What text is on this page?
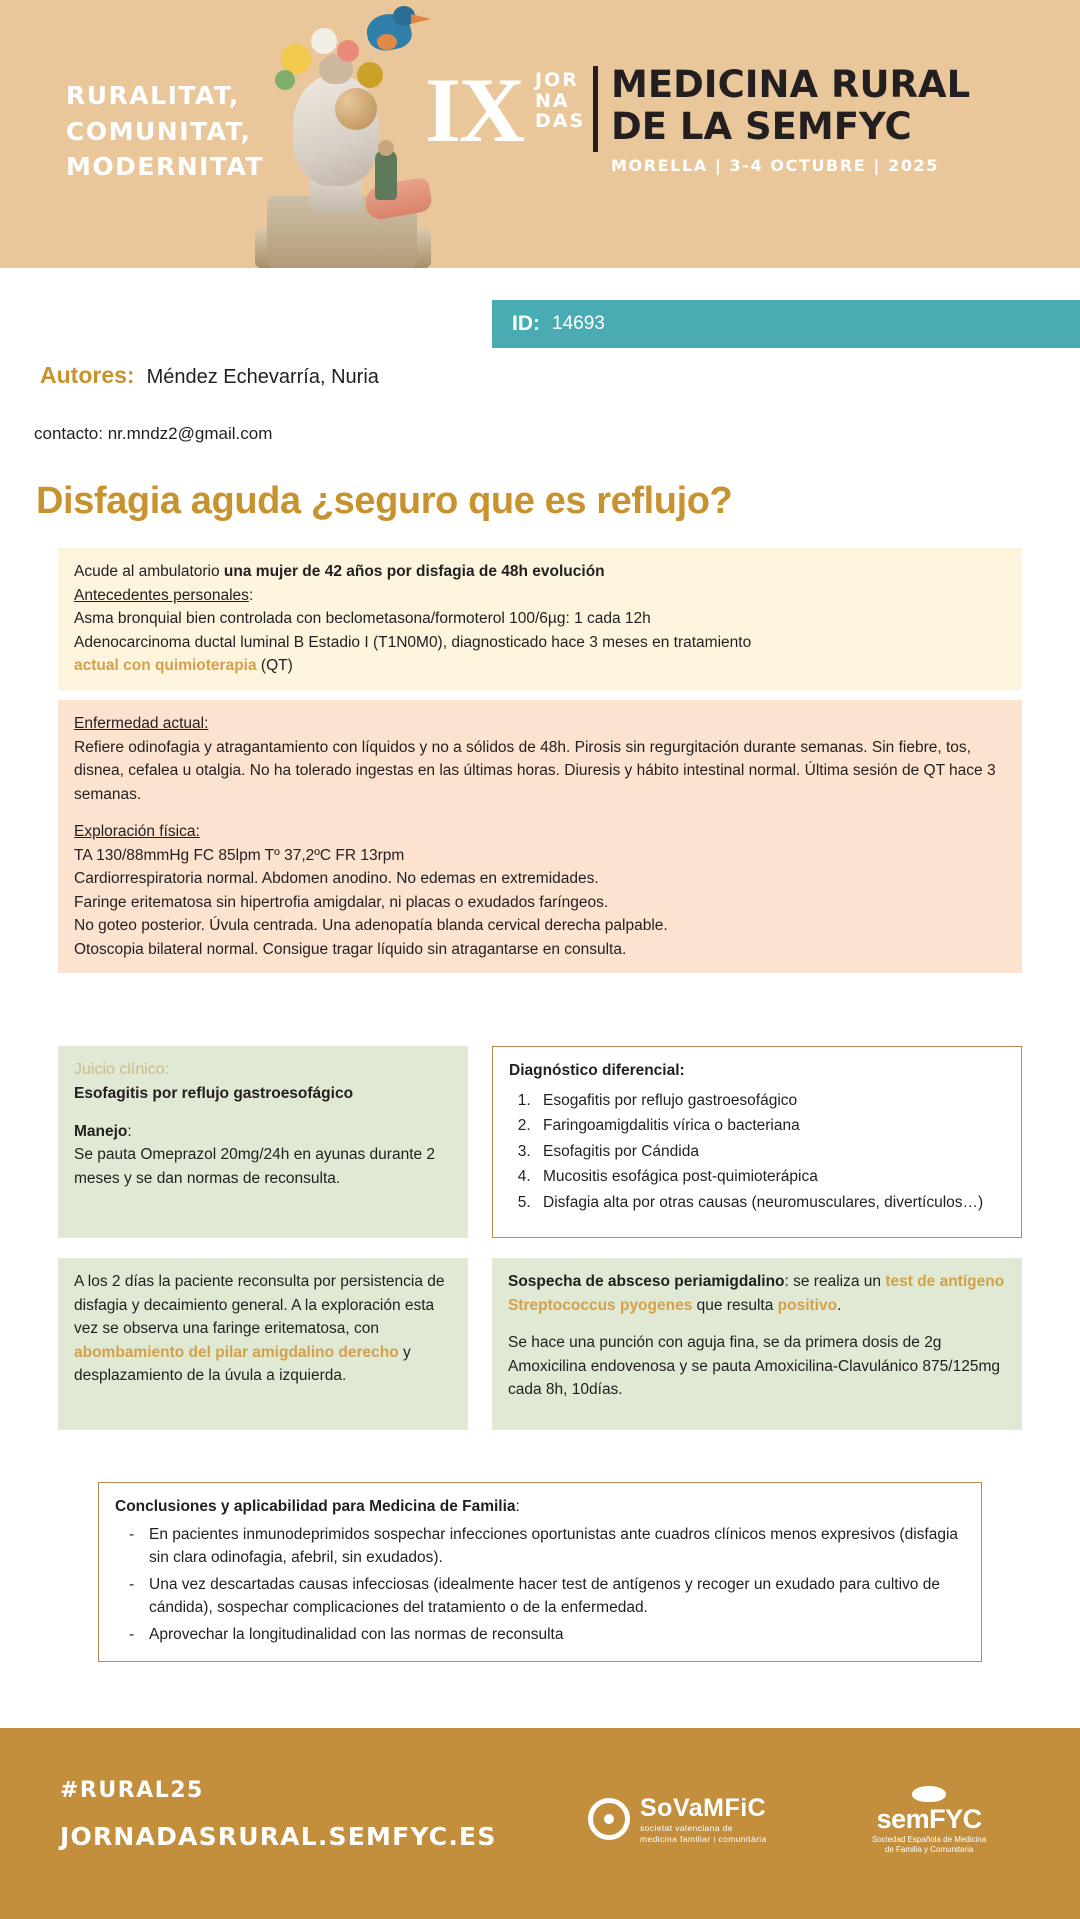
RURALITAT,
COMUNITAT,
MODERNITAT
IX JOR
NA
DAS
MEDICINA RURAL
DE LA SEMFYC
MORELLA | 3-4 OCTUBRE | 2025
ID: 14693
Autores: Méndez Echevarría, Nuria
contacto: nr.mndz2@gmail.com
Disfagia aguda ¿seguro que es reflujo?
Acude al ambulatorio una mujer de 42 años por disfagia de 48h evolución
Antecedentes personales:
Asma bronquial bien controlada con beclometasona/formoterol 100/6µg: 1 cada 12h
Adenocarcinoma ductal luminal B Estadio I (T1N0M0), diagnosticado hace 3 meses en tratamiento
actual con quimioterapia (QT)
Enfermedad actual:
Refiere odinofagia y atragantamiento con líquidos y no a sólidos de 48h. Pirosis sin regurgitación durante semanas. Sin fiebre, tos, disnea, cefalea u otalgia. No ha tolerado ingestas en las últimas horas. Diuresis y hábito intestinal normal. Última sesión de QT hace 3 semanas.
Exploración física:
TA 130/88mmHg FC 85lpm Tº 37,2ºC FR 13rpm
Cardiorrespiratoria normal. Abdomen anodino. No edemas en extremidades.
Faringe eritematosa sin hipertrofia amigdalar, ni placas o exudados faríngeos.
No goteo posterior. Úvula centrada. Una adenopatía blanda cervical derecha palpable.
Otoscopia bilateral normal. Consigue tragar líquido sin atragantarse en consulta.
Juicio clínico:
Esofagitis por reflujo gastroesofágico
Manejo:
Se pauta Omeprazol 20mg/24h en ayunas durante 2 meses y se dan normas de reconsulta.
Diagnóstico diferencial:
1. Esogafitis por reflujo gastroesofágico
2. Faringoamigdalitis vírica o bacteriana
3. Esofagitis por Cándida
4. Mucositis esofágica post-quimioterápica
5. Disfagia alta por otras causas (neuromusculares, divertículos…)
A los 2 días la paciente reconsulta por persistencia de disfagia y decaimiento general. A la exploración esta vez se observa una faringe eritematosa, con abombamiento del pilar amigdalino derecho y desplazamiento de la úvula a izquierda.
Sospecha de absceso periamigdalino: se realiza un test de antígeno Streptococcus pyogenes que resulta positivo.
Se hace una punción con aguja fina, se da primera dosis de 2g Amoxicilina endovenosa y se pauta Amoxicilina-Clavulánico 875/125mg cada 8h, 10días.
Conclusiones y aplicabilidad para Medicina de Familia:
- En pacientes inmunodeprimidos sospechar infecciones oportunistas ante cuadros clínicos menos expresivos (disfagia sin clara odinofagia, afebril, sin exudados).
- Una vez descartadas causas infecciosas (idealmente hacer test de antígenos y recoger un exudado para cultivo de cándida), sospechar complicaciones del tratamiento o de la enfermedad.
- Aprovechar la longitudinalidad con las normas de reconsulta
#RURAL25
JORNADASRURAL.SEMFYC.ES
SoVaMFiC
societat valenciana de
medicina familiar i comunitària
semFYC
Sociedad Española de Medicina
de Familia y Comunitaria
